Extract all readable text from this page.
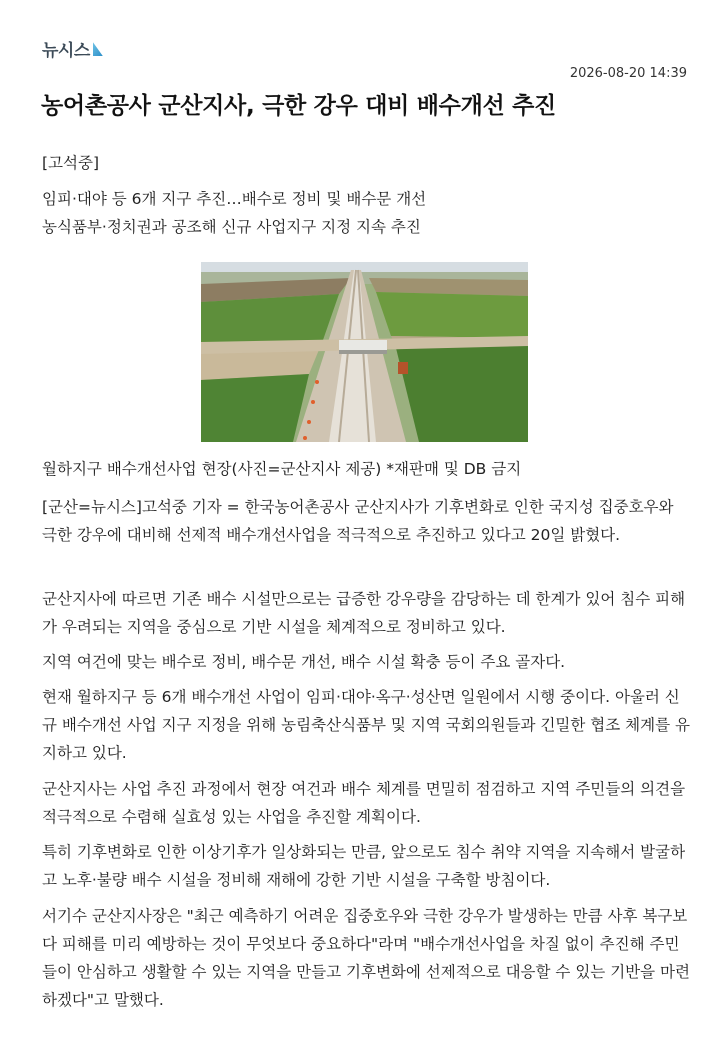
뉴시스
2026-08-20 14:39
농어촌공사 군산지사, 극한 강우 대비 배수개선 추진

[고석중]

임피·대야 등 6개 지구 추진…배수로 정비 및 배수문 개선

농식품부·정치권과 공조해 신규 사업지구 지정 지속 추진

월하지구 배수개선사업 현장(사진=군산지사 제공) *재판매 및 DB 금지

[군산=뉴시스]고석중 기자 = 한국농어촌공사 군산지사가 기후변화로 인한 국지성 집중호우와 극한 강우에 대비해 선제적 배수개선사업을 적극적으로 추진하고 있다고 20일 밝혔다.

군산지사에 따르면 기존 배수 시설만으로는 급증한 강우량을 감당하는 데 한계가 있어 침수 피해가 우려되는 지역을 중심으로 기반 시설을 체계적으로 정비하고 있다.

지역 여건에 맞는 배수로 정비, 배수문 개선, 배수 시설 확충 등이 주요 골자다.

현재 월하지구 등 6개 배수개선 사업이 임피·대야·옥구·성산면 일원에서 시행 중이다. 아울러 신규 배수개선 사업 지구 지정을 위해 농림축산식품부 및 지역 국회의원들과 긴밀한 협조 체계를 유지하고 있다.

군산지사는 사업 추진 과정에서 현장 여건과 배수 체계를 면밀히 점검하고 지역 주민들의 의견을 적극적으로 수렴해 실효성 있는 사업을 추진할 계획이다.

특히 기후변화로 인한 이상기후가 일상화되는 만큼, 앞으로도 침수 취약 지역을 지속해서 발굴하고 노후·불량 배수 시설을 정비해 재해에 강한 기반 시설을 구축할 방침이다.

서기수 군산지사장은 "최근 예측하기 어려운 집중호우와 극한 강우가 발생하는 만큼 사후 복구보다 피해를 미리 예방하는 것이 무엇보다 중요하다"라며 "배수개선사업을 차질 없이 추진해 주민들이 안심하고 생활할 수 있는 지역을 만들고 기후변화에 선제적으로 대응할 수 있는 기반을 마련하겠다"고 말했다.
